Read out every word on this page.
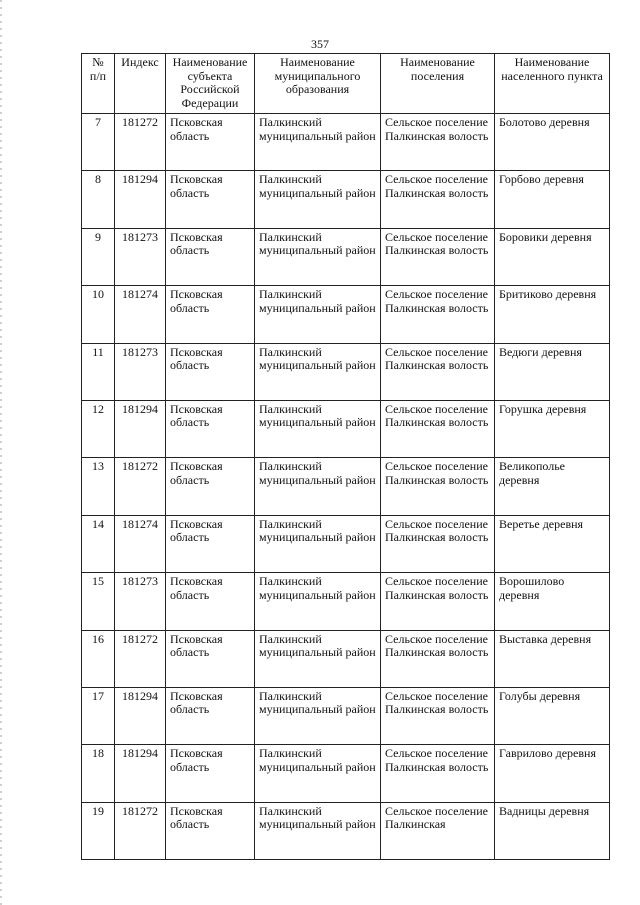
357
№ п/п	Индекс	Наименование субъекта Российской Федерации	Наименование муниципального образования	Наименование поселения	Наименование населенного пункта
7	181272	Псковская область	Палкинский муниципальный район	Сельское поселение Палкинская волость	Болотово деревня
8	181294	Псковская область	Палкинский муниципальный район	Сельское поселение Палкинская волость	Горбово деревня
9	181273	Псковская область	Палкинский муниципальный район	Сельское поселение Палкинская волость	Боровики деревня
10	181274	Псковская область	Палкинский муниципальный район	Сельское поселение Палкинская волость	Бритиково деревня
11	181273	Псковская область	Палкинский муниципальный район	Сельское поселение Палкинская волость	Ведюги деревня
12	181294	Псковская область	Палкинский муниципальный район	Сельское поселение Палкинская волость	Горушка деревня
13	181272	Псковская область	Палкинский муниципальный район	Сельское поселение Палкинская волость	Великополье деревня
14	181274	Псковская область	Палкинский муниципальный район	Сельское поселение Палкинская волость	Веретье деревня
15	181273	Псковская область	Палкинский муниципальный район	Сельское поселение Палкинская волость	Ворошилово деревня
16	181272	Псковская область	Палкинский муниципальный район	Сельское поселение Палкинская волость	Выставка деревня
17	181294	Псковская область	Палкинский муниципальный район	Сельское поселение Палкинская волость	Голубы деревня
18	181294	Псковская область	Палкинский муниципальный район	Сельское поселение Палкинская волость	Гаврилово деревня
19	181272	Псковская область	Палкинский муниципальный район	Сельское поселение Палкинская	Вадницы деревня
